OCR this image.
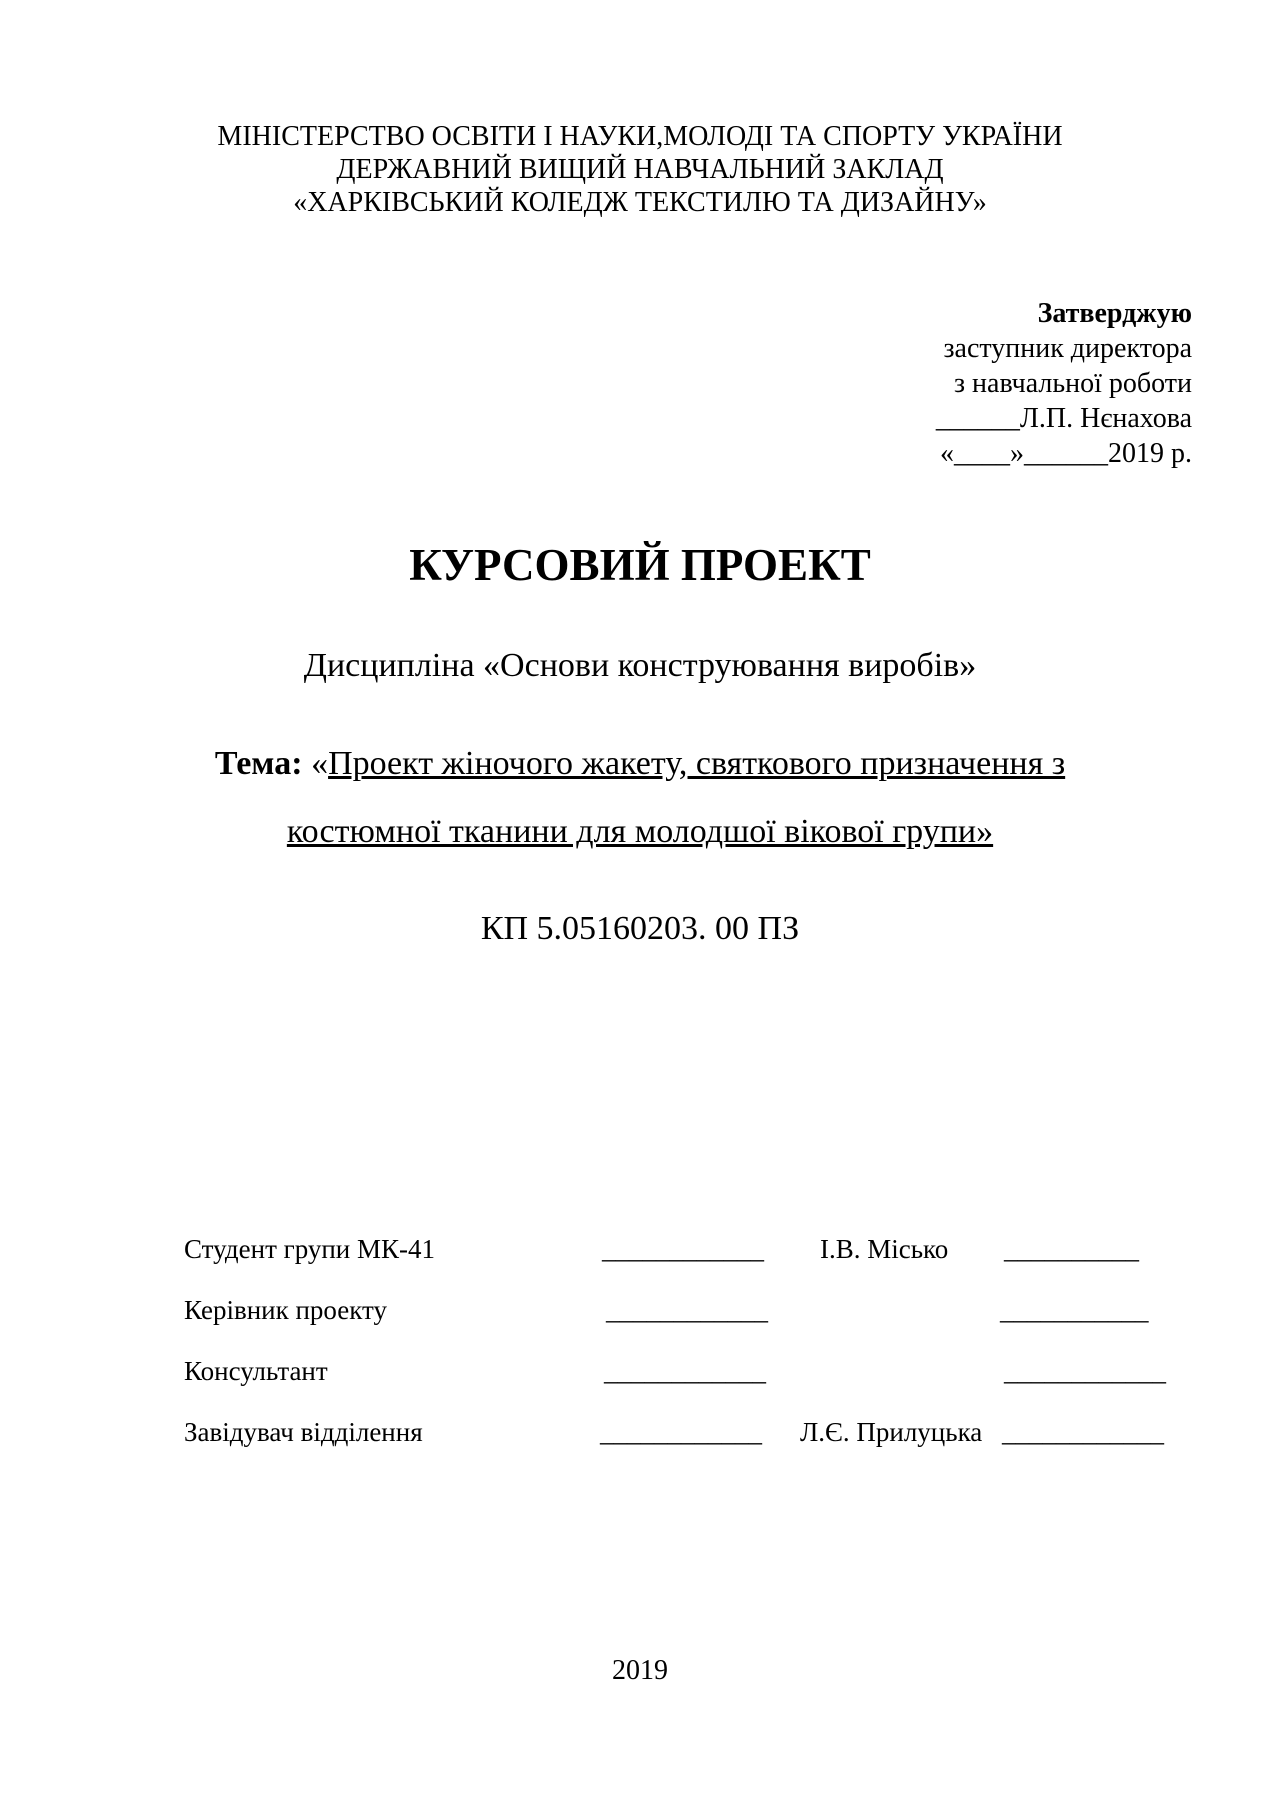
МІНІСТЕРСТВО ОСВІТИ І НАУКИ,МОЛОДІ ТА СПОРТУ УКРАЇНИ
ДЕРЖАВНИЙ ВИЩИЙ НАВЧАЛЬНИЙ ЗАКЛАД
«ХАРКІВСЬКИЙ КОЛЕДЖ ТЕКСТИЛЮ ТА ДИЗАЙНУ»
Затверджую
заступник директора
з навчальної роботи
______Л.П. Нєнахова
«____»______2019 р.
КУРСОВИЙ ПРОЕКТ
Дисципліна «Основи конструювання виробів»
Тема: «Проект жіночого жакету, святкового призначення з
костюмної тканини для молодшої вікової групи»
КП 5.05160203. 00 ПЗ
Студент групи МК-41	____________ І.В. Місько __________
Керівник проекту	____________	___________
Консультант	____________	____________
Завідувач відділення	____________ Л.Є. Прилуцька ____________
2019
